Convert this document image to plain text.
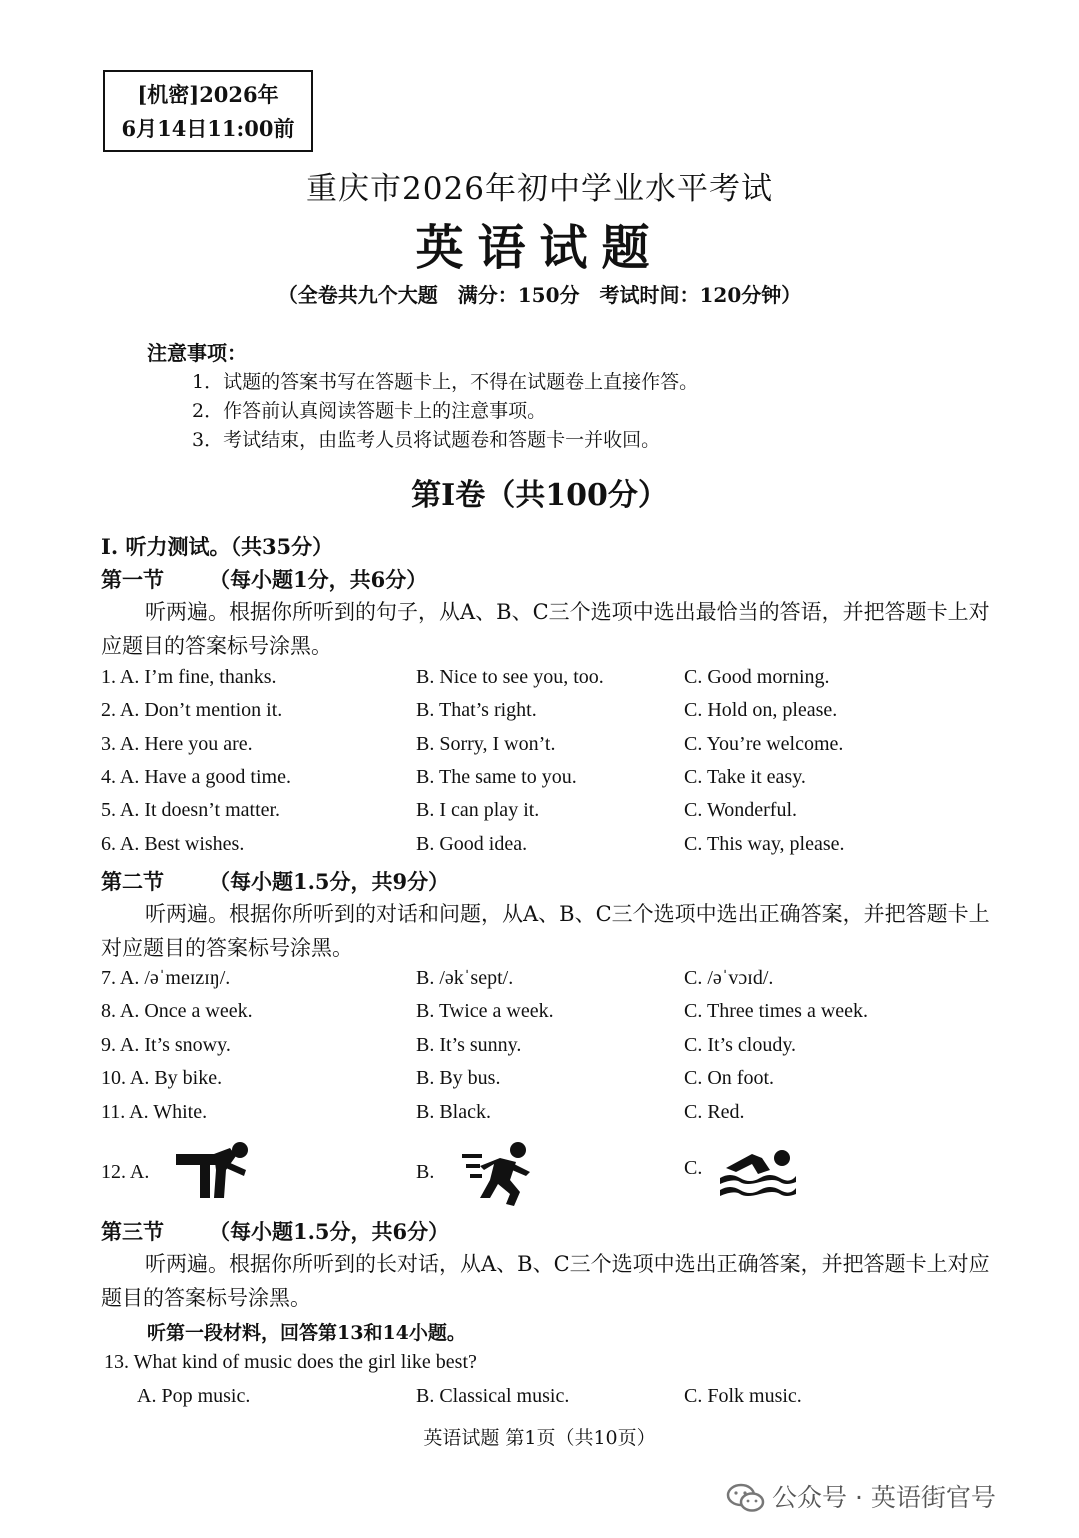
[机密]2026年
6月14日11:00前
重庆市2026年初中学业水平考试
英语试题
（全卷共九个大题　满分：150分　考试时间：120分钟）
注意事项：
1．试题的答案书写在答题卡上，不得在试题卷上直接作答。
2．作答前认真阅读答题卡上的注意事项。
3．考试结束，由监考人员将试题卷和答题卡一并收回。
第I卷（共100分）
I. 听力测试。（共35分）
第一节 （每小题1分，共6分）
听两遍。根据你所听到的句子，从A、B、C三个选项中选出最恰当的答语，并把答题卡上对应题目的答案标号涂黑。
1. A. I’m fine, thanks.	B. Nice to see you, too.	C. Good morning.
2. A. Don’t mention it.	B. That’s right.	C. Hold on, please.
3. A. Here you are.	B. Sorry, I won’t.	C. You’re welcome.
4. A. Have a good time.	B. The same to you.	C. Take it easy.
5. A. It doesn’t matter.	B. I can play it.	C. Wonderful.
6. A. Best wishes.	B. Good idea.	C. This way, please.
第二节 （每小题1.5分，共9分）
听两遍。根据你所听到的对话和问题，从A、B、C三个选项中选出正确答案，并把答题卡上对应题目的答案标号涂黑。
7. A. /əˈmeɪzɪŋ/.	B. /əkˈsept/.	C. /əˈvɔɪd/.
8. A. Once a week.	B. Twice a week.	C. Three times a week.
9. A. It’s snowy.	B. It’s sunny.	C. It’s cloudy.
10. A. By bike.	B. By bus.	C. On foot.
11. A. White.	B. Black.	C. Red.
12. A.	B.	C.
第三节 （每小题1.5分，共6分）
听两遍。根据你所听到的长对话，从A、B、C三个选项中选出正确答案，并把答题卡上对应题目的答案标号涂黑。
听第一段材料，回答第13和14小题。
13. What kind of music does the girl like best?
A. Pop music.	B. Classical music.	C. Folk music.
英语试题 第1页（共10页）
公众号 · 英语街官号
